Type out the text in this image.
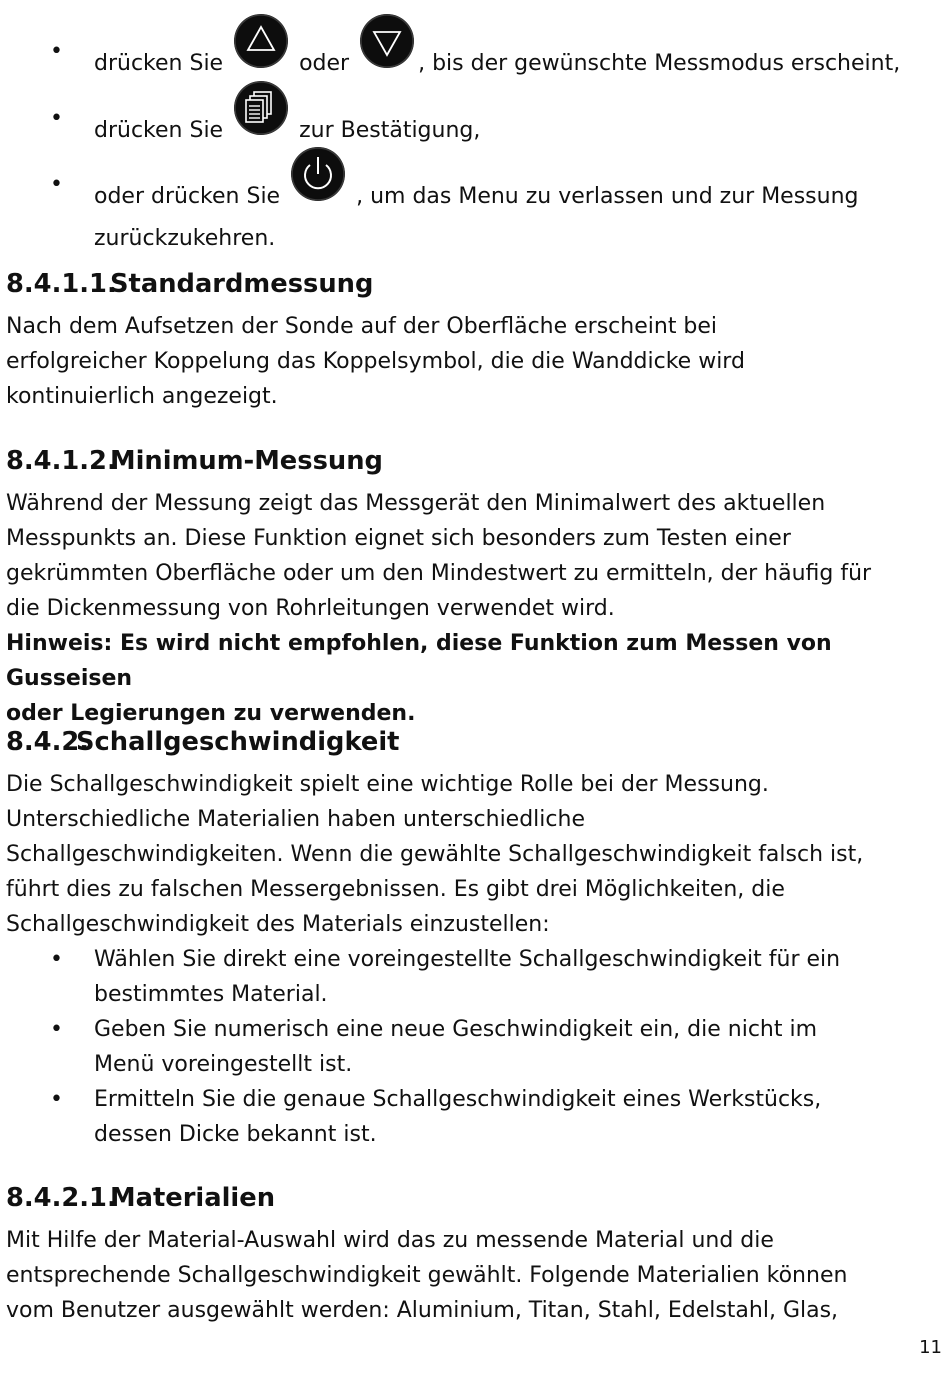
• drücken Sie	oder	, bis der gewünschte Messmodus erscheint,
• drücken Sie	zur Bestätigung,
• oder drücken Sie	, um das Menu zu verlassen und zur Messung
zurückzukehren.
8.4.1.1.Standardmessung

Nach dem Aufsetzen der Sonde auf der Oberfläche erscheint bei

erfolgreicher Koppelung das Koppelsymbol, die die Wanddicke wird

kontinuierlich angezeigt.

8.4.1.2.Minimum-Messung

Während der Messung zeigt das Messgerät den Minimalwert des aktuellen

Messpunkts an. Diese Funktion eignet sich besonders zum Testen einer

gekrümmten Oberfläche oder um den Mindestwert zu ermitteln, der häufig für

die Dickenmessung von Rohrleitungen verwendet wird.

Hinweis: Es wird nicht empfohlen, diese Funktion zum Messen von Gusseisen

oder Legierungen zu verwenden.

8.4.2.Schallgeschwindigkeit

Die Schallgeschwindigkeit spielt eine wichtige Rolle bei der Messung.

Unterschiedliche Materialien haben unterschiedliche

Schallgeschwindigkeiten. Wenn die gewählte Schallgeschwindigkeit falsch ist,

führt dies zu falschen Messergebnissen. Es gibt drei Möglichkeiten, die

Schallgeschwindigkeit des Materials einzustellen:

• Wählen Sie direkt eine voreingestellte Schallgeschwindigkeit für ein
bestimmtes Material.
• Geben Sie numerisch eine neue Geschwindigkeit ein, die nicht im
Menü voreingestellt ist.
• Ermitteln Sie die genaue Schallgeschwindigkeit eines Werkstücks,
dessen Dicke bekannt ist.
8.4.2.1.Materialien

Mit Hilfe der Material-Auswahl wird das zu messende Material und die

entsprechende Schallgeschwindigkeit gewählt. Folgende Materialien können

vom Benutzer ausgewählt werden: Aluminium, Titan, Stahl, Edelstahl, Glas,

11
